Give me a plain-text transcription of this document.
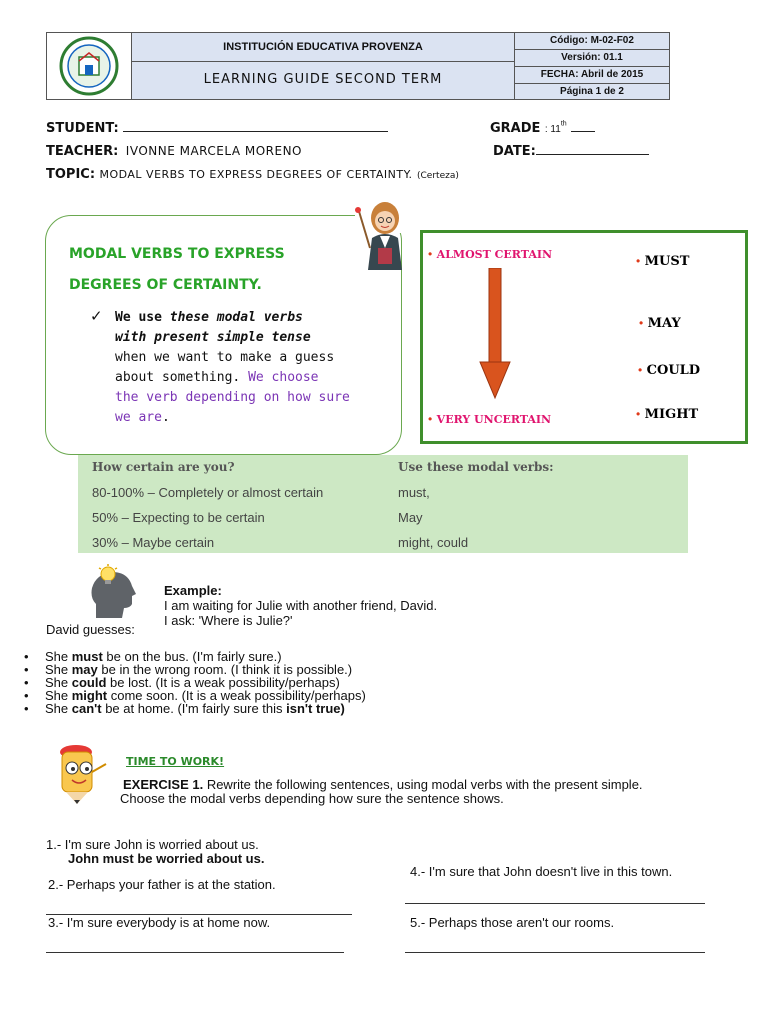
INSTITUCIÓN EDUCATIVA PROVENZA
LEARNING GUIDE SECOND TERM
Código: M-02-F02
Versión: 01.1
FECHA: Abril de 2015
Página 1 de 2
STUDENT:	GRADE : 11th
TEACHER: IVONNE MARCELA MORENO	DATE:
TOPIC: MODAL VERBS TO EXPRESS DEGREES OF CERTAINTY. (Certeza)
MODAL VERBS TO EXPRESS
DEGREES OF CERTAINTY.
✓ We use these modal verbs
with present simple tense
when we want to make a guess
about something. We choose
the verb depending on how sure
we are.
• ALMOST CERTAIN
• VERY UNCERTAIN
• MUST
• MAY
• COULD
• MIGHT
How certain are you?	Use these modal verbs:
80-100% – Completely or almost certain	must,
50% – Expecting to be certain	May
30% – Maybe certain	might, could
Example:
I am waiting for Julie with another friend, David.
I ask: 'Where is Julie?'
David guesses:
• She must be on the bus. (I'm fairly sure.)
• She may be in the wrong room. (I think it is possible.)
• She could be lost. (It is a weak possibility/perhaps)
• She might come soon. (It is a weak possibility/perhaps)
• She can't be at home. (I'm fairly sure this isn't true)
TIME TO WORK!
EXERCISE 1. Rewrite the following sentences, using modal verbs with the present simple.
Choose the modal verbs depending how sure the sentence shows.
1.- I'm sure John is worried about us.
John must be worried about us.
2.- Perhaps your father is at the station.
3.- I'm sure everybody is at home now.
4.- I'm sure that John doesn't live in this town.
5.- Perhaps those aren't our rooms.
